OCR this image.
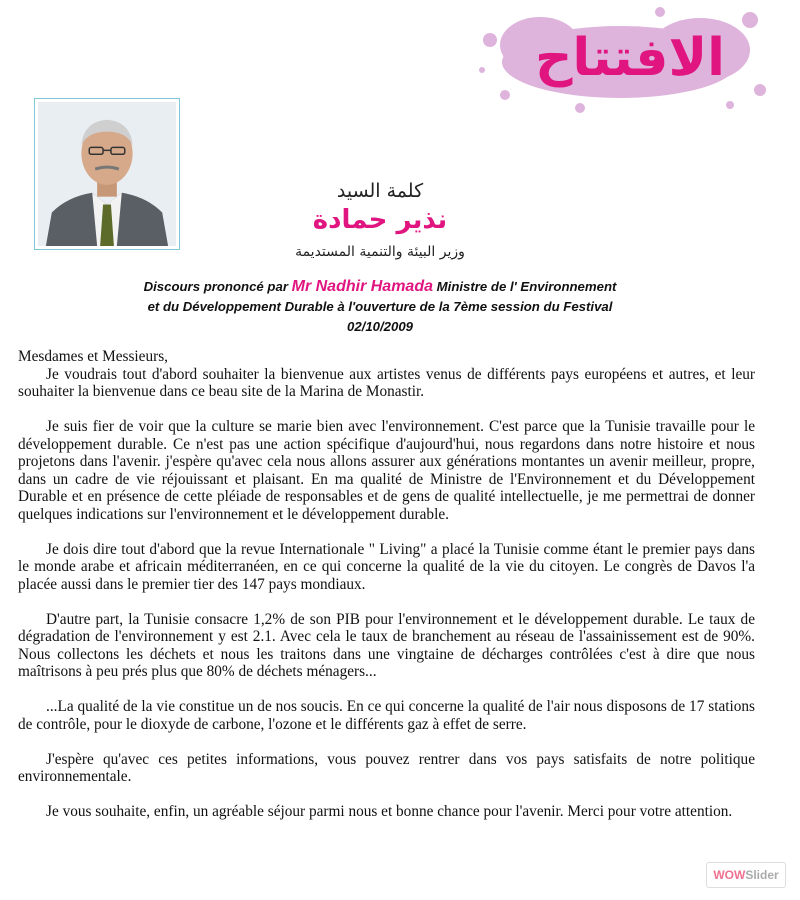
الافتتاح
كلمة السيد
نذير حمادة
وزير البيئة والتنمية المستديمة
Discours prononcé par Mr Nadhir Hamada Ministre de l' Environnement
et du Développement Durable à l'ouverture de la 7ème session du Festival
02/10/2009

Mesdames et Messieurs,

Je voudrais tout d'abord souhaiter la bienvenue aux artistes venus de différents pays européens et autres, et leur souhaiter la bienvenue dans ce beau site de la Marina de Monastir.

Je suis fier de voir que la culture se marie bien avec l'environnement. C'est parce que la Tunisie travaille pour le développement durable. Ce n'est pas une action spécifique d'aujourd'hui, nous regardons dans notre histoire et nous projetons dans l'avenir. j'espère qu'avec cela nous allons assurer aux générations montantes un avenir meilleur, propre, dans un cadre de vie réjouissant et plaisant. En ma qualité de Ministre de l'Environnement et du Développement Durable et en présence de cette pléiade de responsables et de gens de qualité intellectuelle, je me permettrai de donner quelques indications sur l'environnement et le développement durable.

Je dois dire tout d'abord que la revue Internationale " Living" a placé la Tunisie comme étant le premier pays dans le monde arabe et africain méditerranéen, en ce qui concerne la qualité de la vie du citoyen. Le congrès de Davos l'a placée aussi dans le premier tier des 147 pays mondiaux.

D'autre part, la Tunisie consacre 1,2% de son PIB pour l'environnement et le développement durable. Le taux de dégradation de l'environnement y est 2.1. Avec cela le taux de branchement au réseau de l'assainissement est de 90%. Nous collectons les déchets et nous les traitons dans une vingtaine de décharges contrôlées c'est à dire que nous maîtrisons à peu prés plus que 80% de déchets ménagers...

...La qualité de la vie constitue un de nos soucis. En ce qui concerne la qualité de l'air nous disposons de 17 stations de contrôle, pour le dioxyde de carbone, l'ozone et le différents gaz à effet de serre.

J'espère qu'avec ces petites informations, vous pouvez rentrer dans vos pays satisfaits de notre politique environnementale.

Je vous souhaite, enfin, un agréable séjour parmi nous et bonne chance pour l'avenir. Merci pour votre attention.

WOWSlider
